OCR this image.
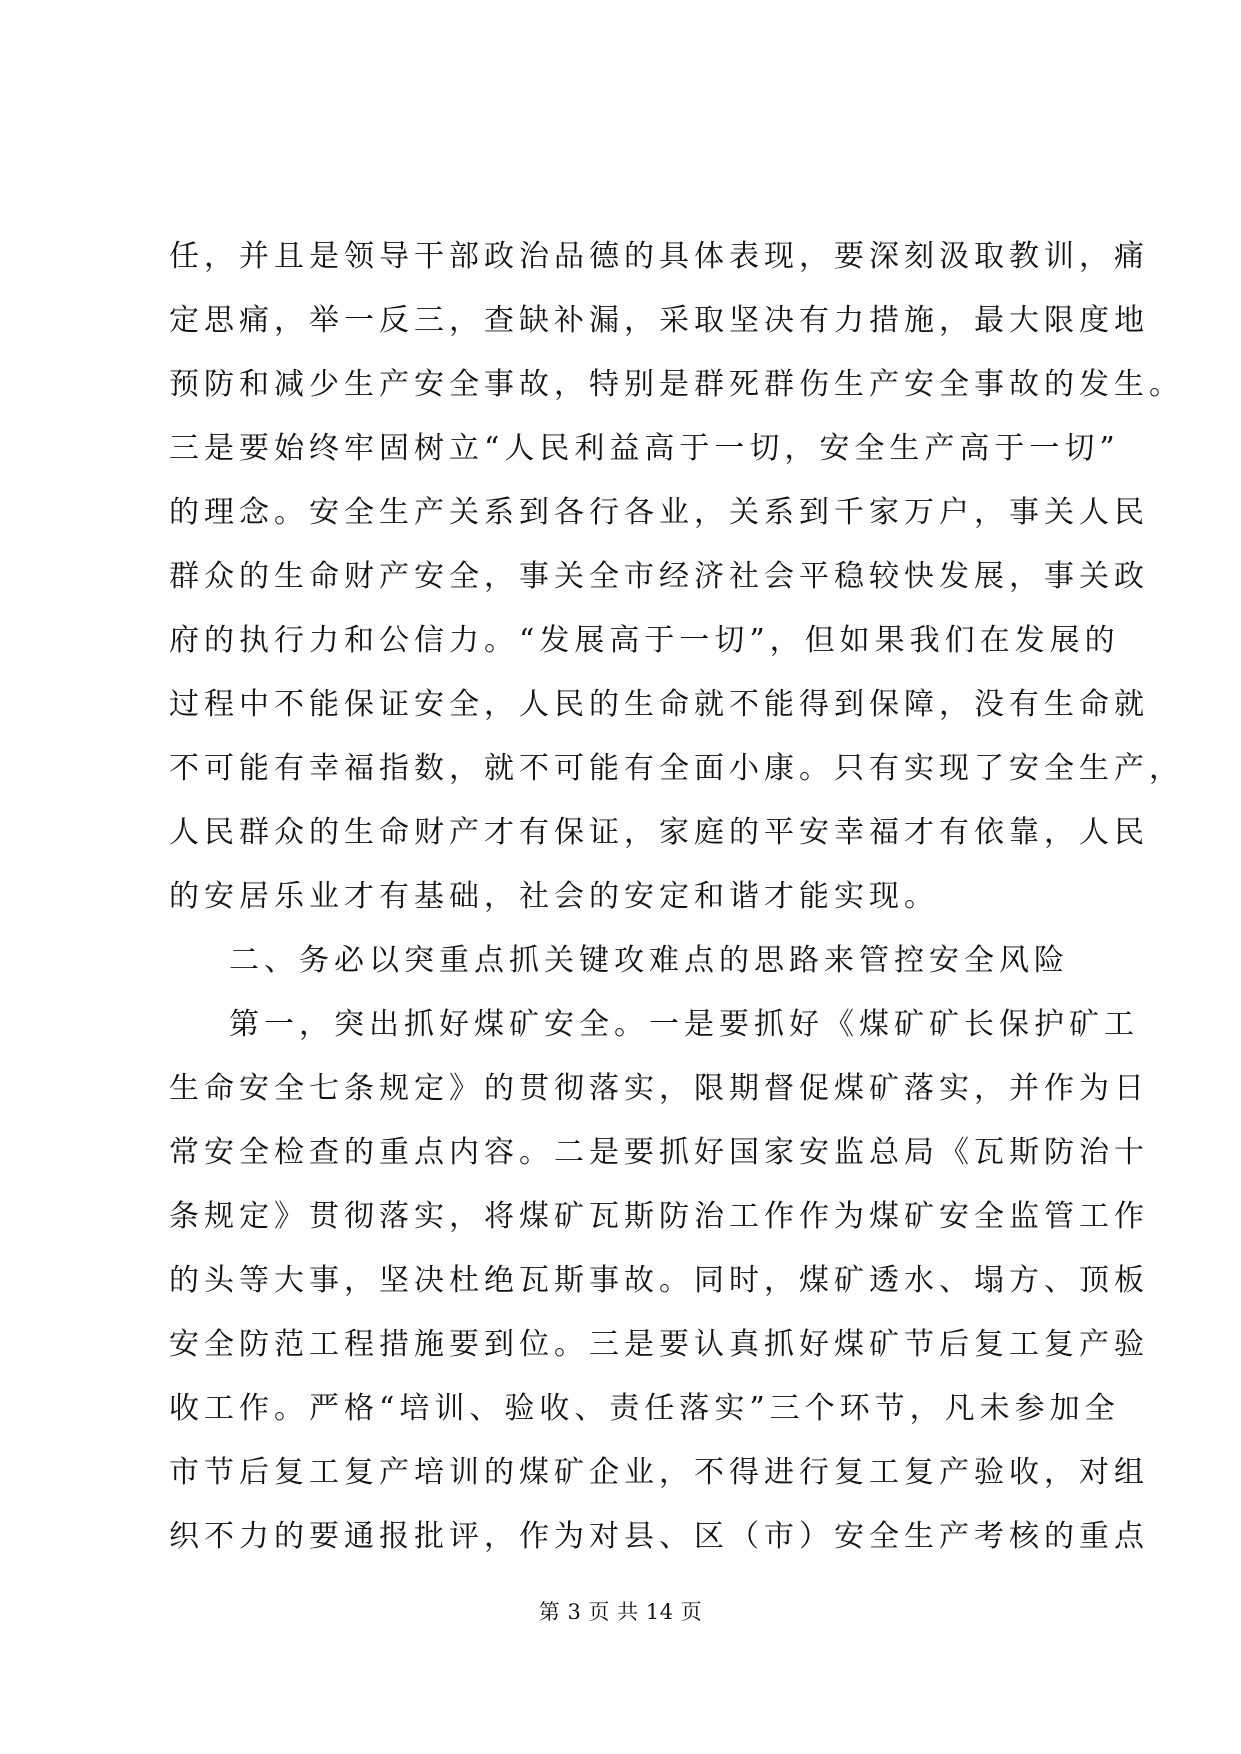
任，并且是领导干部政治品德的具体表现，要深刻汲取教训，痛
定思痛，举一反三，查缺补漏，采取坚决有力措施，最大限度地
预防和减少生产安全事故，特别是群死群伤生产安全事故的发生。
三是要始终牢固树立“人民利益高于一切，安全生产高于一切”
的理念。安全生产关系到各行各业，关系到千家万户，事关人民
群众的生命财产安全，事关全市经济社会平稳较快发展，事关政
府的执行力和公信力。“发展高于一切”，但如果我们在发展的
过程中不能保证安全，人民的生命就不能得到保障，没有生命就
不可能有幸福指数，就不可能有全面小康。只有实现了安全生产，
人民群众的生命财产才有保证，家庭的平安幸福才有依靠，人民
的安居乐业才有基础，社会的安定和谐才能实现。
二、务必以突重点抓关键攻难点的思路来管控安全风险
第一，突出抓好煤矿安全。一是要抓好《煤矿矿长保护矿工
生命安全七条规定》的贯彻落实，限期督促煤矿落实，并作为日
常安全检查的重点内容。二是要抓好国家安监总局《瓦斯防治十
条规定》贯彻落实，将煤矿瓦斯防治工作作为煤矿安全监管工作
的头等大事，坚决杜绝瓦斯事故。同时，煤矿透水、塌方、顶板
安全防范工程措施要到位。三是要认真抓好煤矿节后复工复产验
收工作。严格“培训、验收、责任落实”三个环节，凡未参加全
市节后复工复产培训的煤矿企业，不得进行复工复产验收，对组
织不力的要通报批评，作为对县、区（市）安全生产考核的重点
第 3 页 共 14 页
